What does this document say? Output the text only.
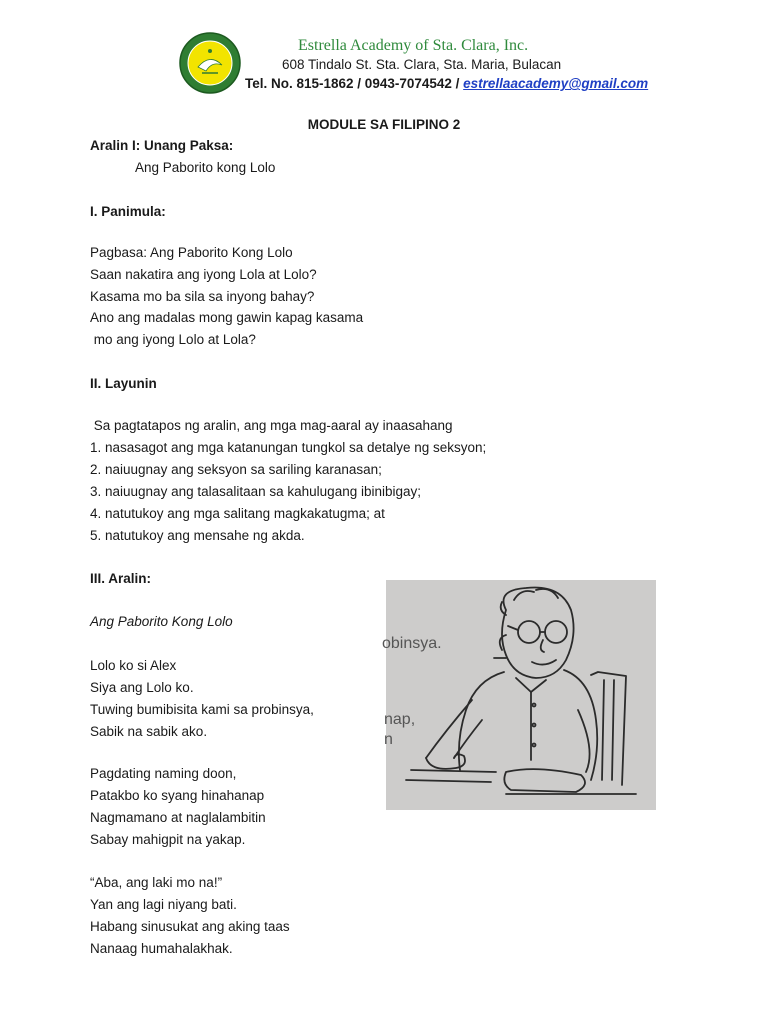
Estrella Academy of Sta. Clara, Inc.
608 Tindalo St. Sta. Clara, Sta. Maria, Bulacan
Tel. No. 815-1862 / 0943-7074542 / estrellaacademy@gmail.com
MODULE SA FILIPINO 2
Aralin I: Unang Paksa:
Ang Paborito kong Lolo
I. Panimula:
Pagbasa: Ang Paborito Kong Lolo
Saan nakatira ang iyong Lola at Lolo?
Kasama mo ba sila sa inyong bahay?
Ano ang madalas mong gawin kapag kasama
mo ang iyong Lolo at Lola?
II. Layunin
Sa pagtatapos ng aralin, ang mga mag-aaral ay inaasahang
1. nasasagot ang mga katanungan tungkol sa detalye ng seksyon;
2. naiuugnay ang seksyon sa sariling karanasan;
3. naiuugnay ang talasalitaan sa kahulugang ibinibigay;
4. natutukoy ang mga salitang magkakatugma; at
5. natutukoy ang mensahe ng akda.
III. Aralin:
Ang Paborito Kong Lolo
Lolo ko si Alex
Siya ang Lolo ko.
Tuwing bumibisita kami sa probinsya,
Sabik na sabik ako.
Pagdating naming doon,
Patakbo ko syang hinahanap
Nagmamano at naglalambitin
Sabay mahigpit na yakap.
“Aba, ang laki mo na!”
Yan ang lagi niyang bati.
Habang sinusukat ang aking taas
Nanaag humahalakhak.
obinsya.
nap,
n
